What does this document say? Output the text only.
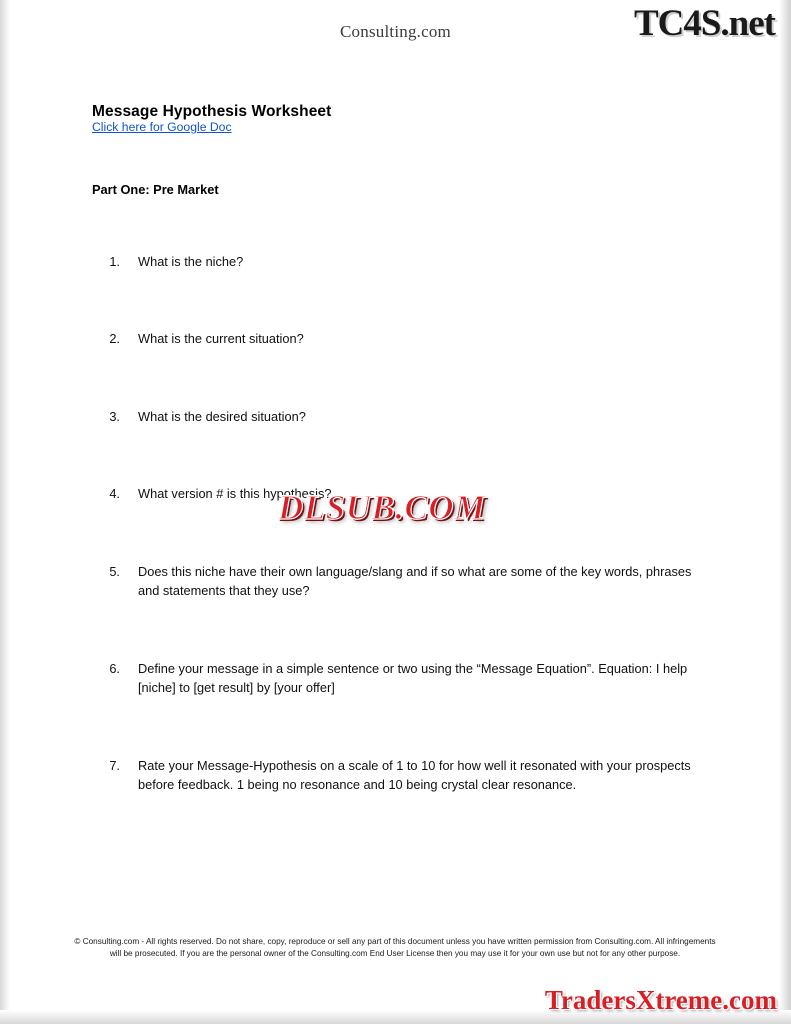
Consulting.com	TC4S.net
Message Hypothesis Worksheet
Click here for Google Doc
Part One: Pre Market
1.	What is the niche?
2.	What is the current situation?
3.	What is the desired situation?
4.	What version # is this hypothesis?
5.	Does this niche have their own language/slang and if so what are some of the key words, phrases and statements that they use?
6.	Define your message in a simple sentence or two using the “Message Equation”. Equation: I help [niche] to [get result] by [your offer]
7.	Rate your Message-Hypothesis on a scale of 1 to 10 for how well it resonated with your prospects before feedback. 1 being no resonance and 10 being crystal clear resonance.
DLSUB.COM
© Consulting.com - All rights reserved. Do not share, copy, reproduce or sell any part of this document unless you have written permission from Consulting.com. All infringements will be prosecuted. If you are the personal owner of the Consulting.com End User License then you may use it for your own use but not for any other purpose.
TradersXtreme.com
